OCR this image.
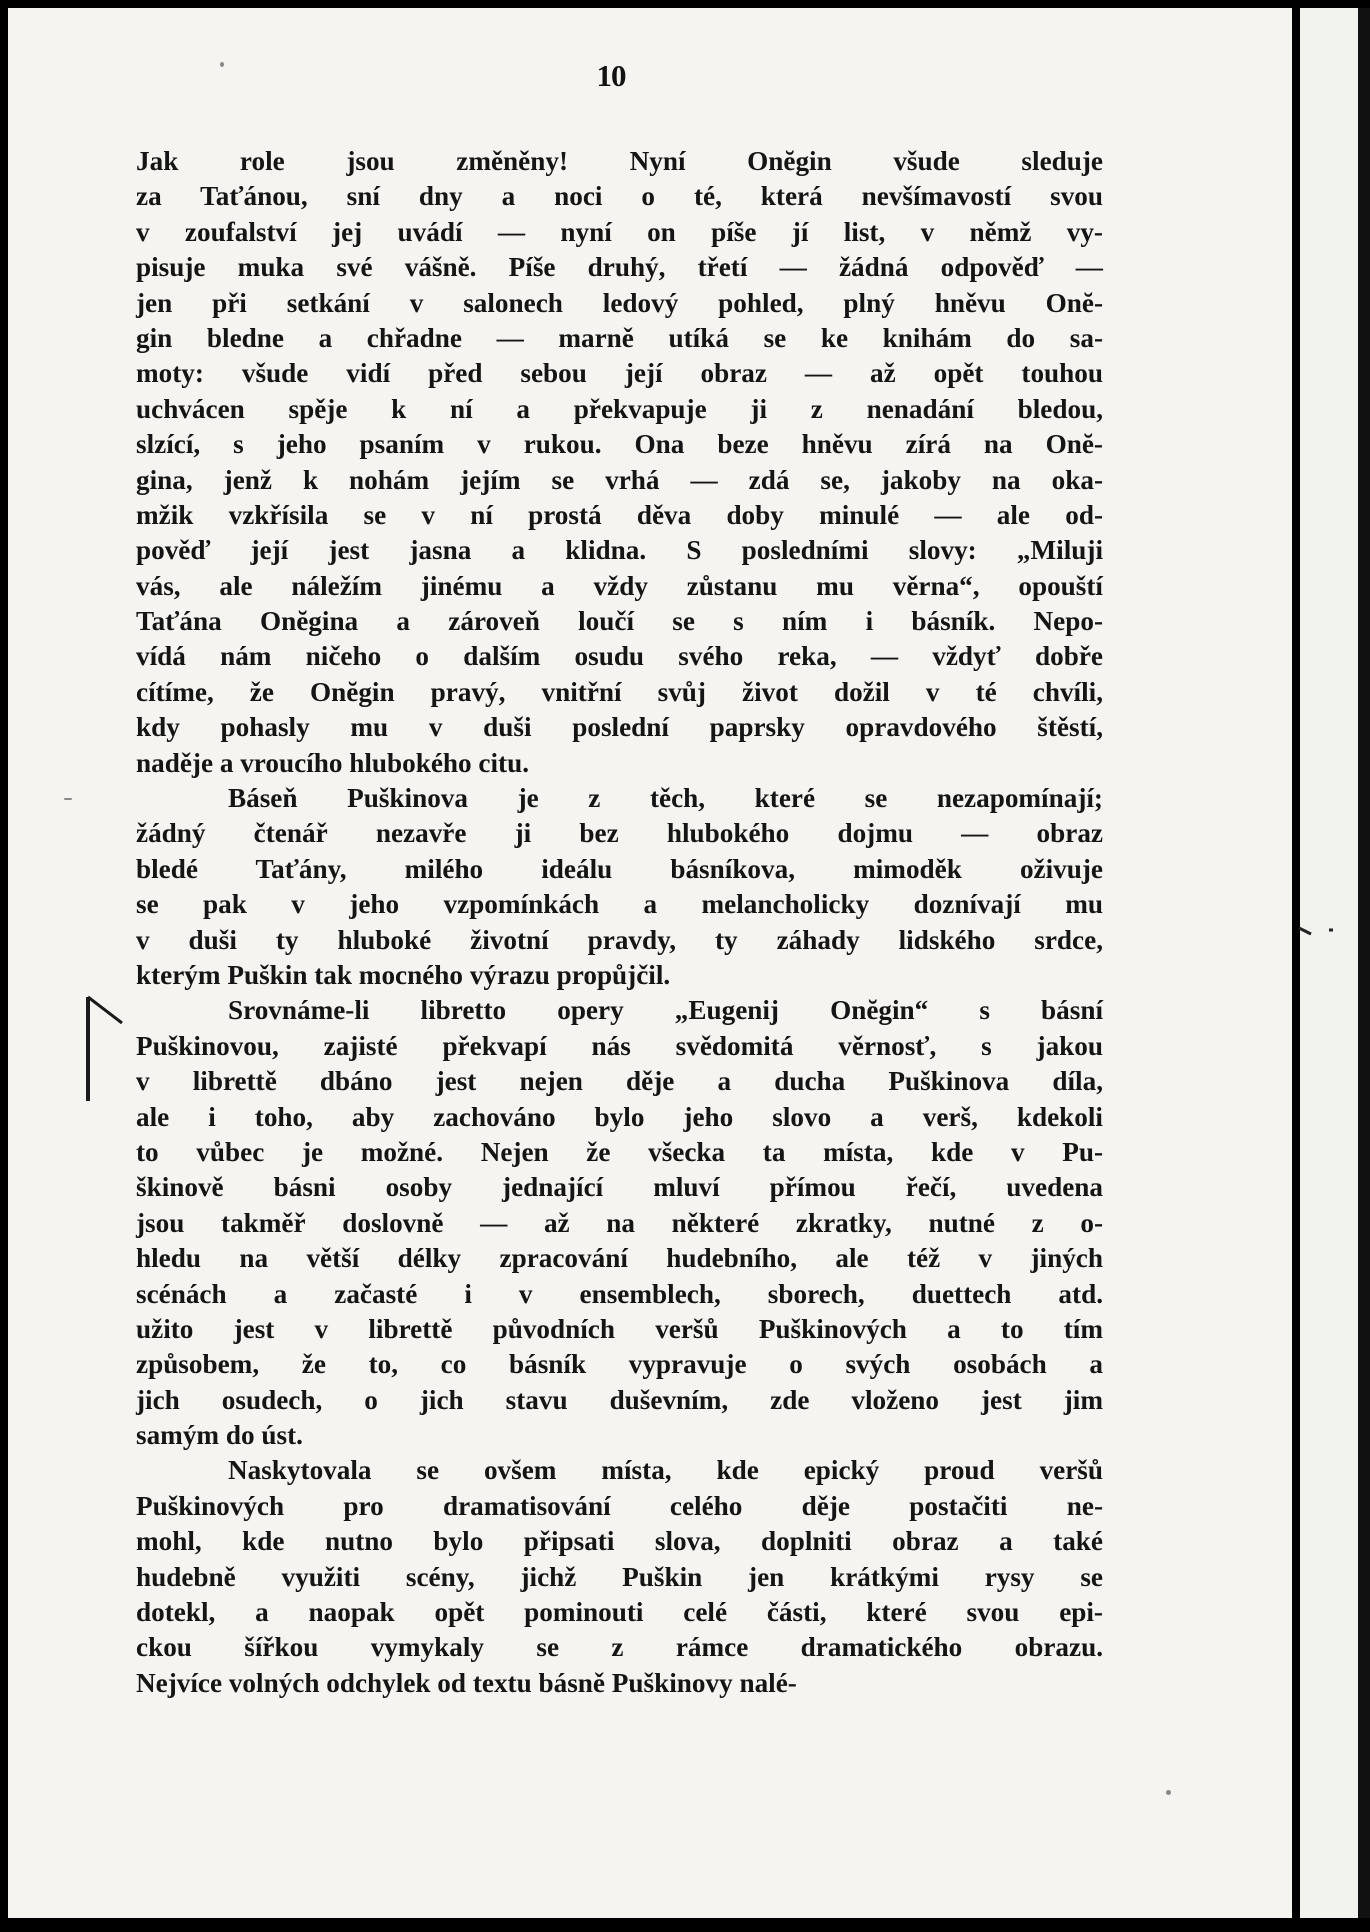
10
Jak role jsou změněny! Nyní Onĕgin všude sleduje
za Taťánou, sní dny a noci o té, která nevšímavostí svou
v zoufalství jej uvádí — nyní on píše jí list, v němž vy-
pisuje muka své vášně. Píše druhý, třetí — žádná odpověď —
jen při setkání v salonech ledový pohled, plný hněvu Onĕ-
gin bledne a chřadne — marně utíká se ke knihám do sa-
moty: všude vidí před sebou její obraz — až opět touhou
uchvácen spěje k ní a překvapuje ji z nenadání bledou,
slzící, s jeho psaním v rukou. Ona beze hněvu zírá na Onĕ-
gina, jenž k nohám jejím se vrhá — zdá se, jakoby na oka-
mžik vzkřísila se v ní prostá děva doby minulé — ale od-
pověď její jest jasna a klidna. S posledními slovy: „Miluji
vás, ale náležím jinému a vždy zůstanu mu věrna“, opouští
Taťána Onĕgina a zároveň loučí se s ním i básník. Nepo-
vídá nám ničeho o dalším osudu svého reka, — vždyť dobře
cítíme, že Onĕgin pravý, vnitřní svůj život dožil v té chvíli,
kdy pohasly mu v duši poslední paprsky opravdového štěstí,
naděje a vroucího hlubokého citu.
Báseň Puškinova je z těch, které se nezapomínají;
žádný čtenář nezavře ji bez hlubokého dojmu — obraz
bledé Taťány, milého ideálu básníkova, mimoděk oživuje
se pak v jeho vzpomínkách a melancholicky doznívají mu
v duši ty hluboké životní pravdy, ty záhady lidského srdce,
kterým Puškin tak mocného výrazu propůjčil.
Srovnáme-li libretto opery „Eugenij Onĕgin“ s básní
Puškinovou, zajisté překvapí nás svědomitá věrnosť, s jakou
v librettě dbáno jest nejen děje a ducha Puškinova díla,
ale i toho, aby zachováno bylo jeho slovo a verš, kdekoli
to vůbec je možné. Nejen že všecka ta místa, kde v Pu-
škinově básni osoby jednající mluví přímou řečí, uvedena
jsou takměř doslovně — až na některé zkratky, nutné z o-
hledu na větší délky zpracování hudebního, ale též v jiných
scénách a začasté i v ensemblech, sborech, duettech atd.
užito jest v librettě původních veršů Puškinových a to tím
způsobem, že to, co básník vypravuje o svých osobách a
jich osudech, o jich stavu duševním, zde vloženo jest jim
samým do úst.
Naskytovala se ovšem místa, kde epický proud veršů
Puškinových pro dramatisování celého děje postačiti ne-
mohl, kde nutno bylo připsati slova, doplniti obraz a také
hudebně využiti scény, jichž Puškin jen krátkými rysy se
dotekl, a naopak opět pominouti celé části, které svou epi-
ckou šířkou vymykaly se z rámce dramatického obrazu.
Nejvíce volných odchylek od textu básně Puškinovy nalé-
